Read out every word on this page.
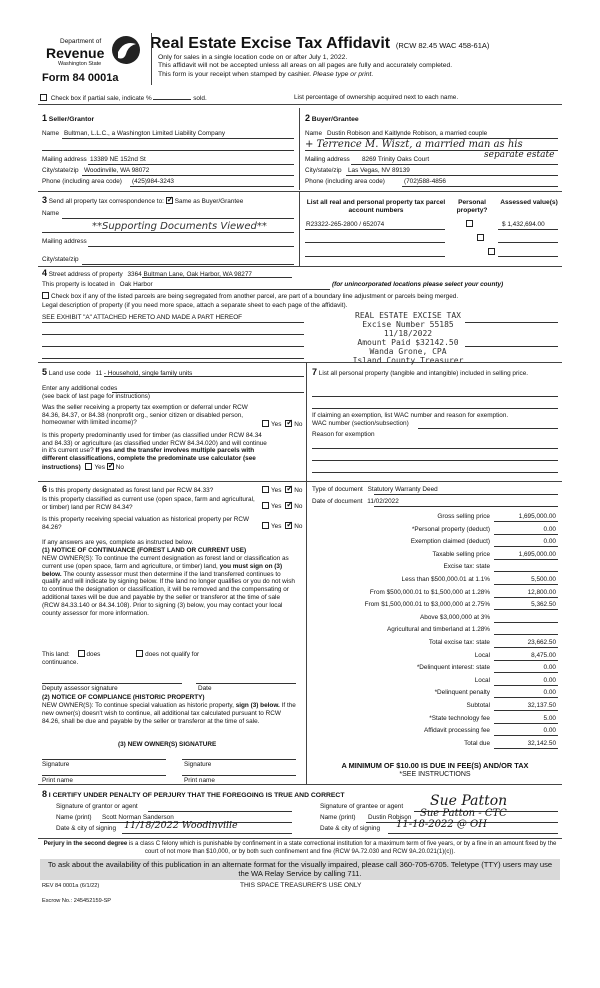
Department of
Revenue
Washington State
Form 84 0001a
Real Estate Excise Tax Affidavit (RCW 82.45 WAC 458-61A)
Only for sales in a single location code on or after July 1, 2022.
This affidavit will not be accepted unless all areas on all pages are fully and accurately completed.
This form is your receipt when stamped by cashier. Please type or print.
Check box if partial sale, indicate %	sold.	List percentage of ownership acquired next to each name.
1 Seller/Grantor
Name Bultman, L.L.C., a Washington Limited Liability Company
Mailing address 13389 NE 152nd St
City/state/zip Woodinville, WA 98072
Phone (including area code) (425)984-3243
2 Buyer/Grantee
Name Dustin Robison and Kaitlynde Robison, a married couple
+ Terrence M. Wiszt, a married man as his
Mailing address 8269 Trinity Oaks Court	separate estate
City/state/zip Las Vegas, NV 89139
Phone (including area code)	(702)588-4856
3 Send all property tax correspondence to: ✓ Same as Buyer/Grantee
Name
**Supporting Documents Viewed**
Mailing address
City/state/zip
List all real and personal property tax parcel account numbers
Personal property?
Assessed value(s)
R23322-265-2800 / 652074
	$ 1,432,694.00
4 Street address of property 3364 Bultman Lane, Oak Harbor, WA 98277
This property is located in Oak Harbor	(for unincorporated locations please select your county)
Check box if any of the listed parcels are being segregated from another parcel, are part of a boundary line adjustment or parcels being merged.
Legal description of property (if you need more space, attach a separate sheet to each page of the affidavit).
SEE EXHIBIT "A" ATTACHED HERETO AND MADE A PART HEREOF	REAL ESTATE EXCISE TAX
Excise Number 55185
11/18/2022
Amount Paid $32142.50
Wanda Grone, CPA
Island County Treasurer
5 Land use code 11 - Household, single family units
Enter any additional codes
(see back of last page for instructions)
Was the seller receiving a property tax exemption or deferral under RCW 84.36, 84.37, or 84.38 (nonprofit org., senior citizen or disabled person, homeowner with limited income)?	Yes ✓ No
Is this property predominantly used for timber (as classified under RCW 84.34 and 84.33) or agriculture (as classified under RCW 84.34.020) and will continue in it's current use? If yes and the transfer involves multiple parcels with different classifications, complete the predominate use calculator (see instructions) Yes ✓ No
7 List all personal property (tangible and intangible) included in selling price.
If claiming an exemption, list WAC number and reason for exemption.
WAC number (section/subsection)
Reason for exemption
6 Is this property designated as forest land per RCW 84.33?	Yes ✓ No
Is this property classified as current use (open space, farm and agricultural, or timber) land per RCW 84.34?	Yes ✓ No
Is this property receiving special valuation as historical property per RCW 84.26?	Yes ✓ No
If any answers are yes, complete as instructed below.
(1) NOTICE OF CONTINUANCE (FOREST LAND OR CURRENT USE)
NEW OWNER(S): To continue the current designation as forest land or classification as current use (open space, farm and agriculture, or timber) land, you must sign on (3) below. The county assessor must then determine if the land transferred continues to qualify and will indicate by signing below. If the land no longer qualifies or you do not wish to continue the designation or classification, it will be removed and the compensating or additional taxes will be due and payable by the seller or transferor at the time of sale (RCW 84.33.140 or 84.34.108). Prior to signing (3) below, you may contact your local county assessor for more information.
This land:	does	does not qualify for
continuance.
Deputy assessor signature	Date
(2) NOTICE OF COMPLIANCE (HISTORIC PROPERTY)
NEW OWNER(S): To continue special valuation as historic property, sign (3) below. If the new owner(s) doesn't wish to continue, all additional tax calculated pursuant to RCW 84.26, shall be due and payable by the seller or transferor at the time of sale.
(3) NEW OWNER(S) SIGNATURE
Signature	Signature
Print name	Print name
Type of document Statutory Warranty Deed
Date of document 11/02/2022
Gross selling price	1,695,000.00
*Personal property (deduct)	0.00
Exemption claimed (deduct)	0.00
Taxable selling price	1,695,000.00
Excise tax: state
Less than $500,000.01 at 1.1%	5,500.00
From $500,000.01 to $1,500,000 at 1.28%	12,800.00
From $1,500,000.01 to $3,000,000 at 2.75%	5,362.50
Above $3,000,000 at 3%
Agricultural and timberland at 1.28%
Total excise tax: state	23,662.50
Local	8,475.00
*Delinquent interest: state	0.00
Local	0.00
*Delinquent penalty	0.00
Subtotal	32,137.50
*State technology fee	5.00
Affidavit processing fee	0.00
Total due	32,142.50
A MINIMUM OF $10.00 IS DUE IN FEE(S) AND/OR TAX
*SEE INSTRUCTIONS
8 I CERTIFY UNDER PENALTY OF PERJURY THAT THE FOREGOING IS TRUE AND CORRECT
Signature of grantor or agent
Name (print) Scott Norman Sanderson
Date & city of signing 11/18/2022 Woodinville
Signature of grantee or agent Sue Patton
Name (print) Dustin Robison Sue Patton - CTC
Date & city of signing 11-18-2022 @ OH
Perjury in the second degree is a class C felony which is punishable by confinement in a state correctional institution for a maximum term of five years, or by a fine in an amount fixed by the court of not more than $10,000, or by both such confinement and fine (RCW 9A.72.030 and RCW 9A.20.021(1)(c)).
To ask about the availability of this publication in an alternate format for the visually impaired, please call 360-705-6705. Teletype (TTY) users may use the WA Relay Service by calling 711.
REV 84 0001a (6/1/22)	THIS SPACE TREASURER'S USE ONLY
Escrow No.: 245452159-SP
